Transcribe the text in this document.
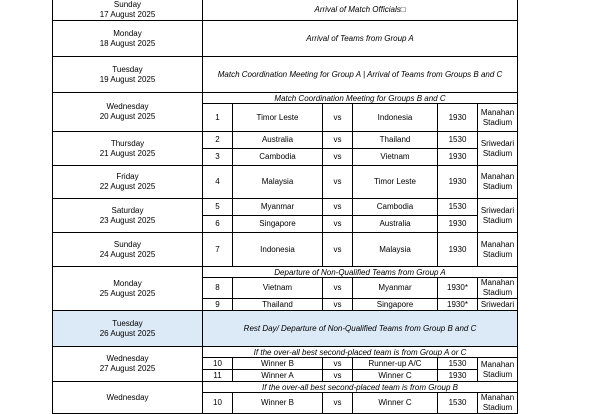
Sunday
17 August 2025	Arrival of Match Officials□					

Monday
18 August 2025	Arrival of Teams from Group A					

Tuesday
19 August 2025	Match Coordination Meeting for Group A | Arrival of Teams from Groups B and C					

Wednesday
20 August 2025	Match Coordination Meeting for Groups B and C					
	1	Timor Leste	vs	Indonesia	1930	Manahan Stadium

Thursday
21 August 2025	2	Australia	vs	Thailand	1530	Sriwedari Stadium
	3	Cambodia	vs	Vietnam	1930	

Friday
22 August 2025	4	Malaysia	vs	Timor Leste	1930	Manahan Stadium

Saturday
23 August 2025	5	Myanmar	vs	Cambodia	1530	Sriwedari Stadium
	6	Singapore	vs	Australia	1930	

Sunday
24 August 2025	7	Indonesia	vs	Malaysia	1930	Manahan Stadium

Monday
25 August 2025	Departure of Non-Qualified Teams from Group A					
	8	Vietnam	vs	Myanmar	1930*	Manahan Stadium
	9	Thailand	vs	Singapore	1930*	Sriwedari

Tuesday
26 August 2025	Rest Day/ Departure of Non-Qualified Teams from Group B and C					

Wednesday
27 August 2025	If the over-all best second-placed team is from Group A or C					
	10	Winner B	vs	Runner-up A/C	1530	Manahan Stadium
	11	Winner A	vs	Winner C	1930	

Wednesday	If the over-all best second-placed team is from Group B					
	10	Winner B	vs	Winner C	1530	Manahan Stadium
